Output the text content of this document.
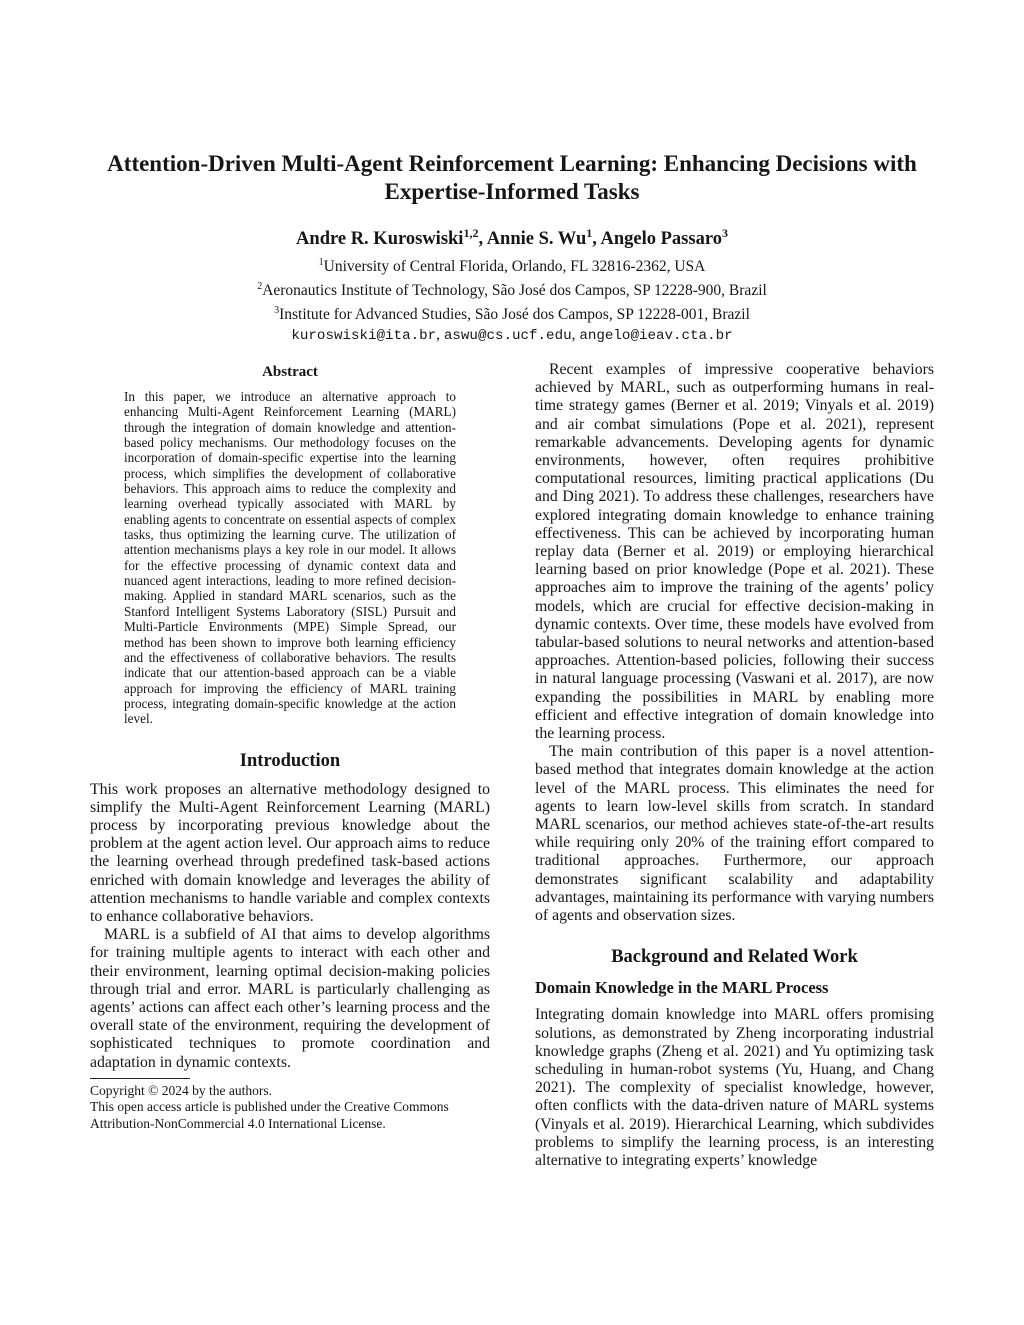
Attention-Driven Multi-Agent Reinforcement Learning: Enhancing Decisions with
Expertise-Informed Tasks
Andre R. Kuroswiski$^{1,2}$, Annie S. Wu$^1$, Angelo Passaro$^3$
$^1$University of Central Florida, Orlando, FL 32816-2362, USA
$^2$Aeronautics Institute of Technology, São José dos Campos, SP 12228-900, Brazil
$^3$Institute for Advanced Studies, São José dos Campos, SP 12228-001, Brazil
kuroswiski@ita.br, aswu@cs.ucf.edu, angelo@ieav.cta.br
Abstract

In this paper, we introduce an alternative approach to enhancing Multi-Agent Reinforcement Learning (MARL) through the integration of domain knowledge and attention-based policy mechanisms. Our methodology focuses on the incorporation of domain-specific expertise into the learning process, which simplifies the development of collaborative behaviors. This approach aims to reduce the complexity and learning overhead typically associated with MARL by enabling agents to concentrate on essential aspects of complex tasks, thus optimizing the learning curve. The utilization of attention mechanisms plays a key role in our model. It allows for the effective processing of dynamic context data and nuanced agent interactions, leading to more refined decision-making. Applied in standard MARL scenarios, such as the Stanford Intelligent Systems Laboratory (SISL) Pursuit and Multi-Particle Environments (MPE) Simple Spread, our method has been shown to improve both learning efficiency and the effectiveness of collaborative behaviors. The results indicate that our attention-based approach can be a viable approach for improving the efficiency of MARL training process, integrating domain-specific knowledge at the action level.

Introduction

This work proposes an alternative methodology designed to simplify the Multi-Agent Reinforcement Learning (MARL) process by incorporating previous knowledge about the problem at the agent action level. Our approach aims to reduce the learning overhead through predefined task-based actions enriched with domain knowledge and leverages the ability of attention mechanisms to handle variable and complex contexts to enhance collaborative behaviors.

MARL is a subfield of AI that aims to develop algorithms for training multiple agents to interact with each other and their environment, learning optimal decision-making policies through trial and error. MARL is particularly challenging as agents’ actions can affect each other’s learning process and the overall state of the environment, requiring the development of sophisticated techniques to promote coordination and adaptation in dynamic contexts.

Copyright © 2024 by the authors.

This open access article is published under the Creative Commons Attribution-NonCommercial 4.0 International License.

Recent examples of impressive cooperative behaviors achieved by MARL, such as outperforming humans in real-time strategy games (Berner et al. 2019; Vinyals et al. 2019) and air combat simulations (Pope et al. 2021), represent remarkable advancements. Developing agents for dynamic environments, however, often requires prohibitive computational resources, limiting practical applications (Du and Ding 2021). To address these challenges, researchers have explored integrating domain knowledge to enhance training effectiveness. This can be achieved by incorporating human replay data (Berner et al. 2019) or employing hierarchical learning based on prior knowledge (Pope et al. 2021). These approaches aim to improve the training of the agents’ policy models, which are crucial for effective decision-making in dynamic contexts. Over time, these models have evolved from tabular-based solutions to neural networks and attention-based approaches. Attention-based policies, following their success in natural language processing (Vaswani et al. 2017), are now expanding the possibilities in MARL by enabling more efficient and effective integration of domain knowledge into the learning process.

The main contribution of this paper is a novel attention-based method that integrates domain knowledge at the action level of the MARL process. This eliminates the need for agents to learn low-level skills from scratch. In standard MARL scenarios, our method achieves state-of-the-art results while requiring only 20% of the training effort compared to traditional approaches. Furthermore, our approach demonstrates significant scalability and adaptability advantages, maintaining its performance with varying numbers of agents and observation sizes.

Background and Related Work
Domain Knowledge in the MARL Process

Integrating domain knowledge into MARL offers promising solutions, as demonstrated by Zheng incorporating industrial knowledge graphs (Zheng et al. 2021) and Yu optimizing task scheduling in human-robot systems (Yu, Huang, and Chang 2021). The complexity of specialist knowledge, however, often conflicts with the data-driven nature of MARL systems (Vinyals et al. 2019). Hierarchical Learning, which subdivides problems to simplify the learning process, is an interesting alternative to integrating experts’ knowledge
